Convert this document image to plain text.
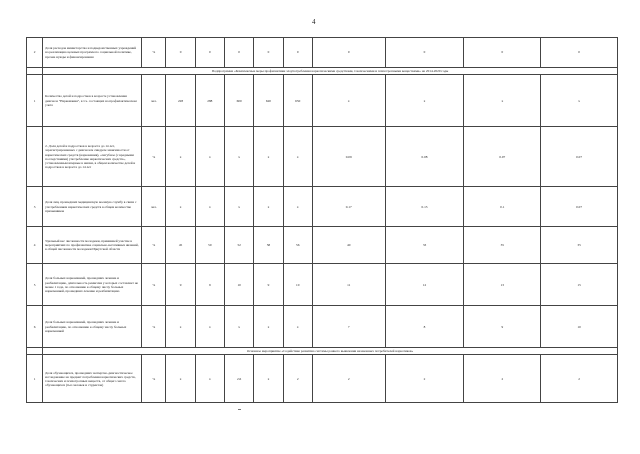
4
2	Доля расходов министерства и подведомственных учреждений на реализацию целевых программ по социальной политике, прочие нужды и финансирования	%	0	0	0	0	0	0	0	0	0
	Подпрограмма «Комплексные меры профилактики злоупотребления наркотическими средствами, токсическими и психотропными веществами» на 2014-2020 годы										
1	Количество детей и подростков в возрасте установления диагноза "Наркомания", в т.ч. состоящих на профилактическом учете	чел.	228	288	600	620	650	x	x	x	x
	2. Доля детей и подростков в возрасте до 14 лет, зарегистрированных с диагнозом синдром зависимости от наркотических средств (наркомания), «пагубное (с вредными последствиями) употребление наркотических средств», установленным впервые в жизни, в общем количестве детей и подростков в возрасте до 14 лет	%	x	x	x	x	x	0.09	0.08	0.07	0.07
3	Доля лиц, прошедших медицинскую военную службу в связи с употреблением наркотических средств в общем количестве призывников	чел.	x	x	x	x	x	0.17	0.13	0.1	0.07
4	Удельный вес численности молодежи, принявшей участие в мероприятиях по профилактике социально-негативных явлений, в общей численности молодежи Иркутской области	%	45	50	52	58	56	40	33	35	35
5	Доля больных наркоманией, прошедших лечение и реабилитацию, длительность ремиссии у которых составляет не менее 1 года, по отношению к общему числу больных наркоманией, прошедших лечение и реабилитацию	%	9	9	10	9	10	11	12	13	15
6	Доля больных наркоманией, прошедших лечение и реабилитацию, по отношению к общему числу больных наркоманией	%	x	x	x	x	x	7	8	9	10
	Основное мероприятие «Содействие развитию системы раннего выявления незаконных потребителей наркотиков»										
1	Доля обучающихся, прошедших экспертно-диагностическое исследование на предмет потребления наркотических средств, токсических и психотропных веществ, от общего числа обучающихся (тыс.человек и студентов)	%	x	x	2.6	x	2	2	2	2	2
